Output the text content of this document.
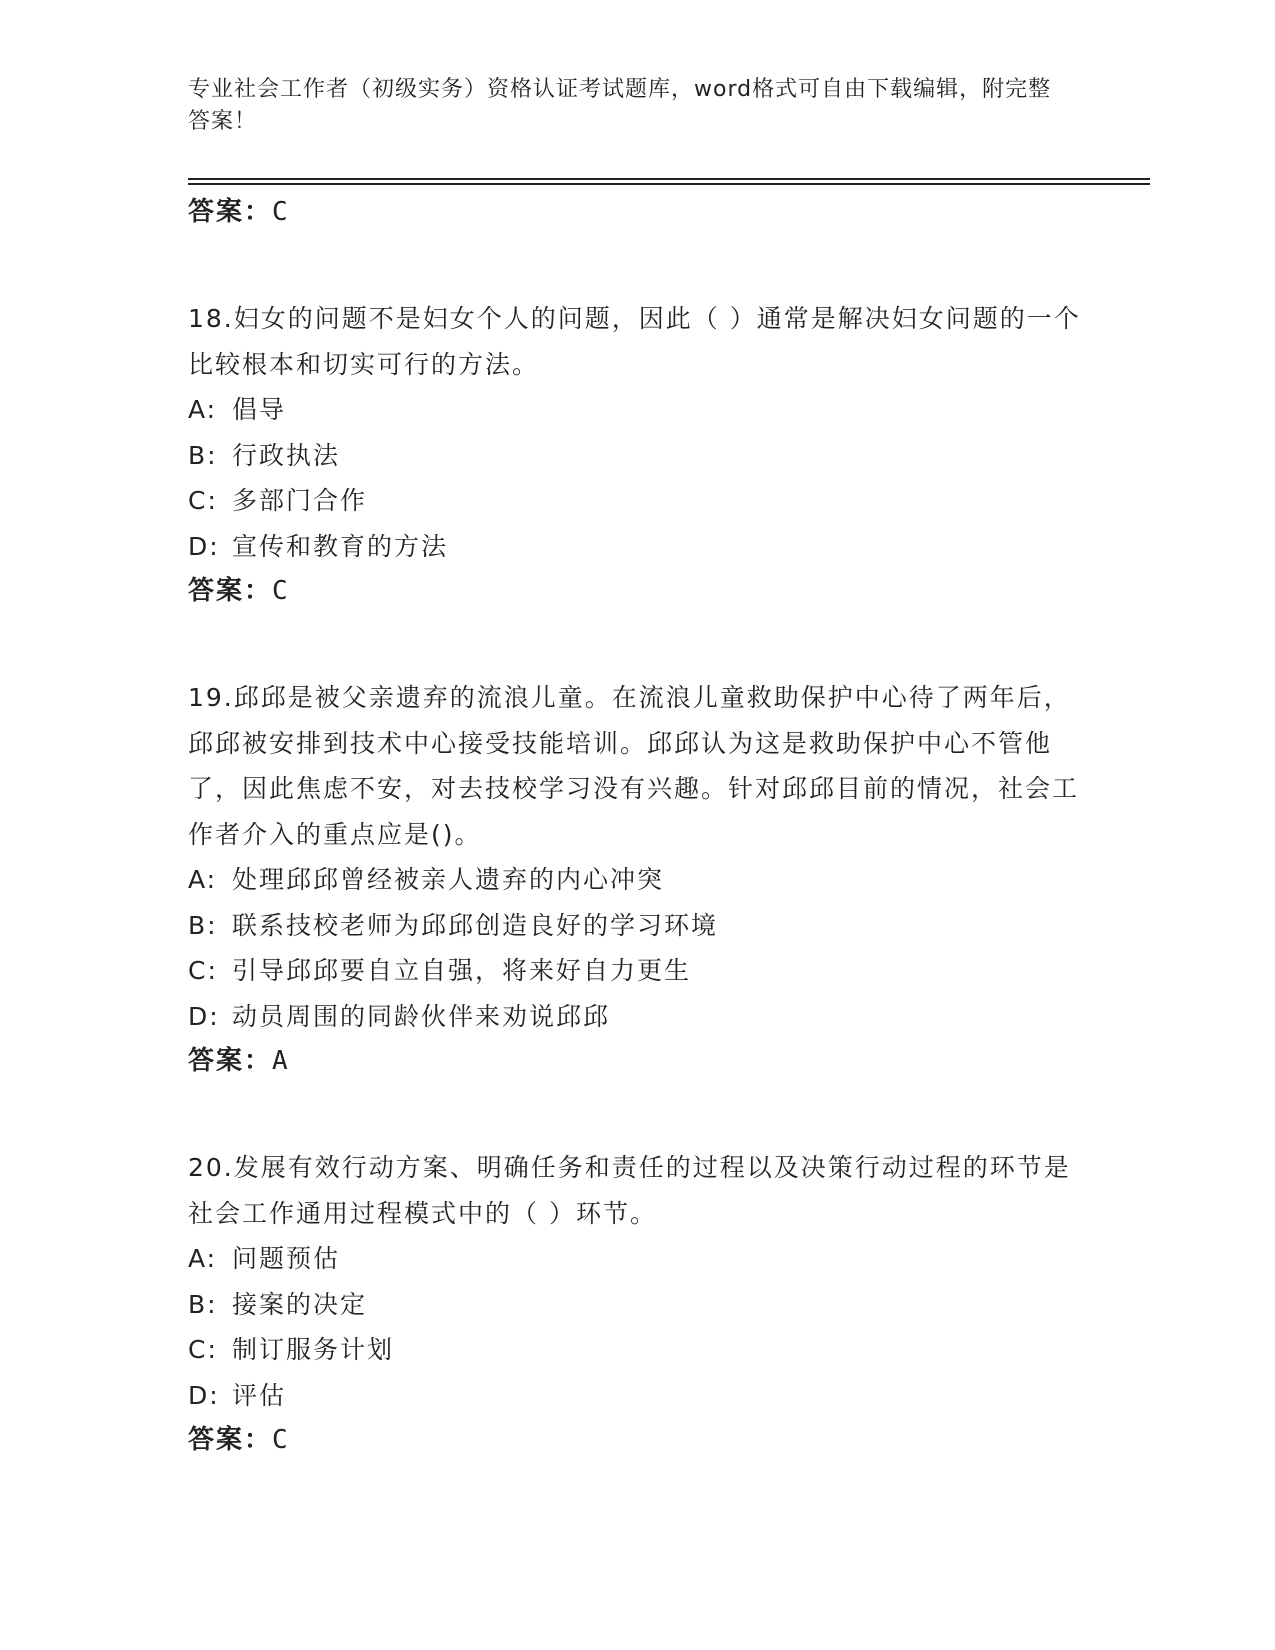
专业社会工作者（初级实务）资格认证考试题库，word格式可自由下载编辑，附完整答案！
答案：C
18.妇女的问题不是妇女个人的问题，因此（ ）通常是解决妇女问题的一个比较根本和切实可行的方法。
A: 倡导
B: 行政执法
C: 多部门合作
D: 宣传和教育的方法
答案：C
19.邱邱是被父亲遗弃的流浪儿童。在流浪儿童救助保护中心待了两年后，邱邱被安排到技术中心接受技能培训。邱邱认为这是救助保护中心不管他了，因此焦虑不安，对去技校学习没有兴趣。针对邱邱目前的情况，社会工作者介入的重点应是()。
A: 处理邱邱曾经被亲人遗弃的内心冲突
B: 联系技校老师为邱邱创造良好的学习环境
C: 引导邱邱要自立自强，将来好自力更生
D: 动员周围的同龄伙伴来劝说邱邱
答案：A
20.发展有效行动方案、明确任务和责任的过程以及决策行动过程的环节是社会工作通用过程模式中的（ ）环节。
A: 问题预估
B: 接案的决定
C: 制订服务计划
D: 评估
答案：C
